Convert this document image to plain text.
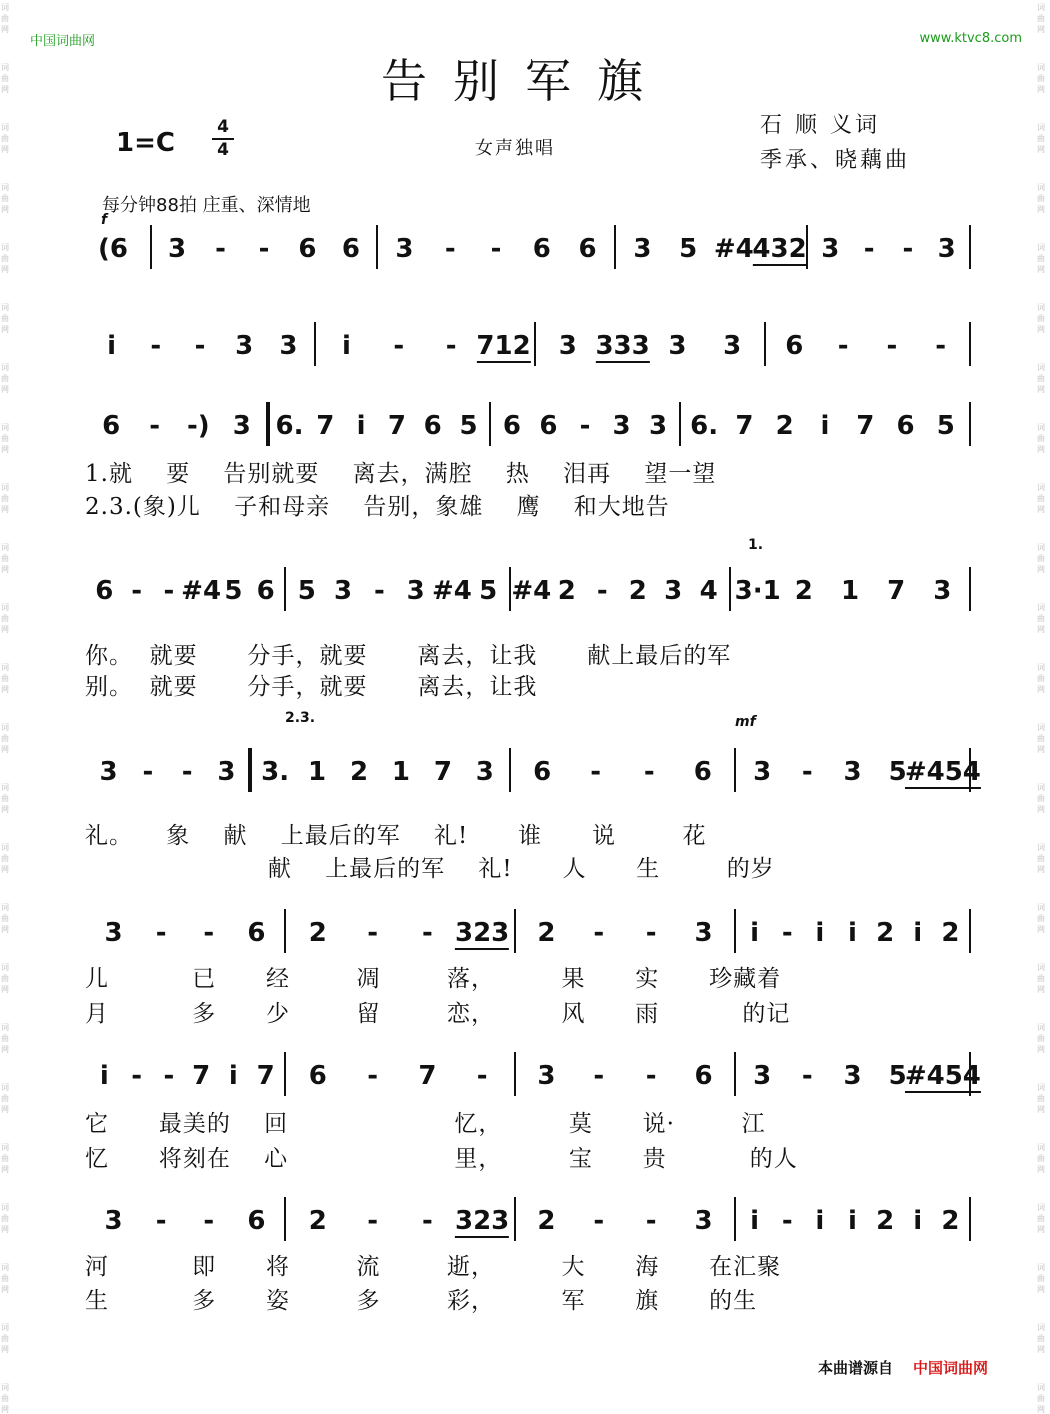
词
曲
网
词
曲
网
词
曲
网
词
曲
网
词
曲
网
词
曲
网
词
曲
网
词
曲
网
词
曲
网
词
曲
网
词
曲
网
词
曲
网
词
曲
网
词
曲
网
词
曲
网
词
曲
网
词
曲
网
词
曲
网
词
曲
网
词
曲
网
词
曲
网
词
曲
网
词
曲
网
词
曲
网
词
曲
网
词
曲
网
词
曲
网
词
曲
网
词
曲
网
词
曲
网
词
曲
网
词
曲
网
词
曲
网
词
曲
网
词
曲
网
词
曲
网
词
曲
网
词
曲
网
词
曲
网
词
曲
网
词
曲
网
词
曲
网
词
曲
网
词
曲
网
词
曲
网
词
曲
网
词
曲
网
词
曲
网
中国词曲网	www.ktvc8.com
告别军旗
1=C
4
4	女声独唱
石 顺 义词
季承、晓藕曲
每分钟88拍 庄重、深情地
f
mf
1.
2.3.
(6 3 - - 6 6 3 - - 6 6 3 5 #4
432 3 - - 3
i - - 3 3 i - - 712 3 333 3 3 6 - - -
6 - -) 3 6. 7 i 7 6 5 6 6 - 3 3 6. 7 2 i 7 6 5
6 - - #4 5 6 5 3 - 3 #4 5 #4 2 - 2 3 4 3·1 2 1 7 3
3 - - 3 3. 1 2 1 7 3 6 - - 6 3 - 3 5
#454
3 - - 6 2 - - 323 2 - - 3 i - i i 2 i 2
i - - 7 i 7 6 - 7 - 3 - - 6 3 - 3 5
#454
3 - - 6 2 - - 323 2 - - 3 i - i i 2 i 2
1.就    要    告别就要    离去，满腔    热    泪再    望一望
2.3.(象)儿    子和母亲    告别，象雄    鹰    和大地告
你。  就要      分手，就要      离去，让我      献上最后的军
别。  就要      分手，就要      离去，让我
礼。    象    献    上最后的军    礼!      谁      说        花
献    上最后的军    礼!      人      生        的岁
儿          已      经        凋        落，        果      实      珍藏着
月          多      少        留        恋，        风      雨          的记
它      最美的    回                    忆，        莫      说·        江
忆      将刻在    心                    里，        宝      贵          的人
河          即      将        流        逝，        大      海      在汇聚
生          多      姿        多        彩，        军      旗      的生
本曲谱源自 中国词曲网
